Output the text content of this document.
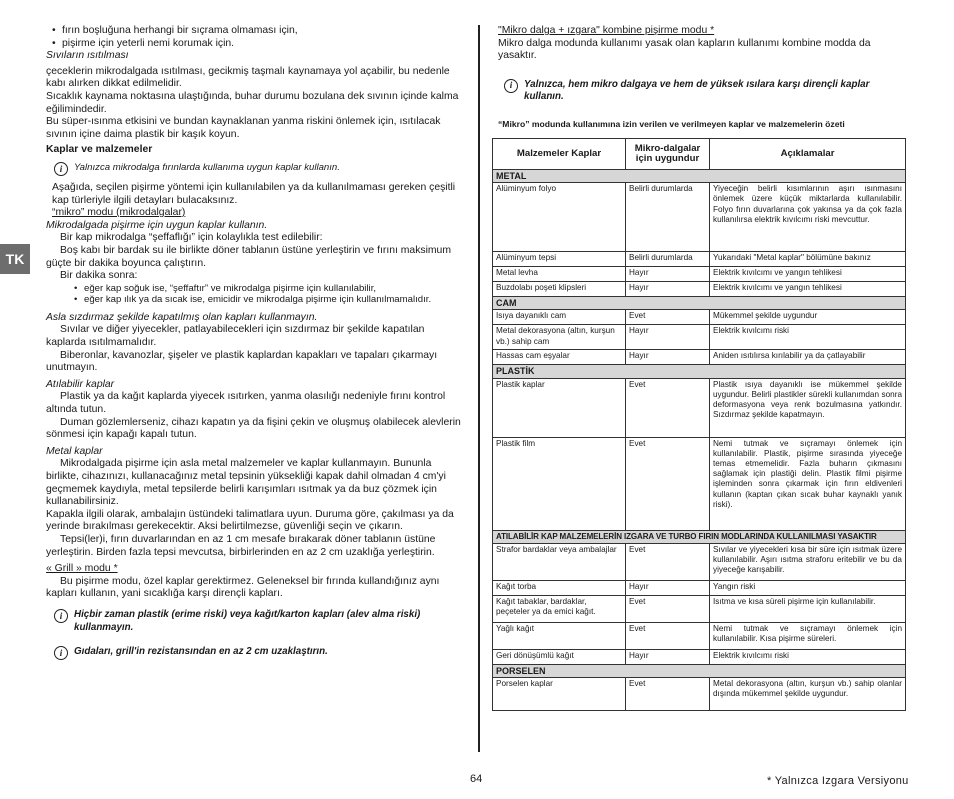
TK

• fırın boşluğuna herhangi bir sıçrama olmaması için,

• pişirme için yeterli nemi korumak için.

Sıvıların ısıtılması

çeceklerin mikrodalgada ısıtılması, gecikmiş taşmalı kaynamaya yol açabilir, bu nedenle kabı alırken dikkat edilmelidir.

Sıcaklık kaynama noktasına ulaştığında, buhar durumu bozulana dek sıvının içinde kalma eğilimindedir.

Bu süper-ısınma etkisini ve bundan kaynaklanan yanma riskini önlemek için, ısıtılacak sıvının içine daima plastik bir kaşık koyun.

Kaplar ve malzemeler

i	Yalnızca mikrodalga fırınlarda kullanıma uygun kaplar kullanın.

Aşağıda, seçilen pişirme yöntemi için kullanılabilen ya da kullanılmaması gereken çeşitli kap türleriyle ilgili detayları bulacaksınız.

“mikro” modu (mikrodalgalar)

Mikrodalgada pişirme için uygun kaplar kullanın.

Bir kap mikrodalga “şeffaflığı” için kolaylıkla test edilebilir:

Boş kabı bir bardak su ile birlikte döner tablanın üstüne yerleştirin ve fırını maksimum güçte bir dakika boyunca çalıştırın.

Bir dakika sonra:

• eğer kap soğuk ise, “şeffaftır” ve mikrodalga pişirme için kullanılabilir,

• eğer kap ılık ya da sıcak ise, emicidir ve mikrodalga pişirme için kullanılmamalıdır.

Asla sızdırmaz şekilde kapatılmış olan kapları kullanmayın.

Sıvılar ve diğer yiyecekler, patlayabilecekleri için sızdırmaz bir şekilde kapatılan kaplarda ısıtılmamalıdır.

Biberonlar, kavanozlar, şişeler ve plastik kaplardan kapakları ve tapaları çıkarmayı unutmayın.

Atılabilir kaplar

Plastik ya da kağıt kaplarda yiyecek ısıtırken, yanma olasılığı nedeniyle fırını kontrol altında tutun.

Duman gözlemlerseniz, cihazı kapatın ya da fişini çekin ve oluşmuş olabilecek alevlerin sönmesi için kapağı kapalı tutun.

Metal kaplar

Mikrodalgada pişirme için asla metal malzemeler ve kaplar kullanmayın. Bununla birlikte, cihazınızı, kullanacağınız metal tepsinin yüksekliği kapak dahil olmadan 4 cm'yi geçmemek kaydıyla, metal tepsilerde belirli karışımları ısıtmak ya da buz çözmek için kullanabilirsiniz.

Kapakla ilgili olarak, ambalajın üstündeki talimatlara uyun. Duruma göre, çakılması ya da yerinde bırakılması gerekecektir. Aksi belirtilmezse, güvenliği seçin ve çıkarın.

Tepsi(ler)i, fırın duvarlarından en az 1 cm mesafe bırakarak döner tablanın üstüne yerleştirin. Birden fazla tepsi mevcutsa, birbirlerinden en az 2 cm uzaklığa yerleştirin.

« Grill » modu *

Bu pişirme modu, özel kaplar gerektirmez. Geleneksel bir fırında kullandığınız aynı kapları kullanın, yani sıcaklığa karşı dirençli kapları.

i	Hiçbir zaman plastik (erime riski) veya kağıt/karton kapları (alev alma riski) kullanmayın.
i	Gıdaları, grill'in rezistansından en az 2 cm uzaklaştırın.

"Mikro dalga + ızgara" kombine pişirme modu *

Mikro dalga modunda kullanımı yasak olan kapların kullanımı kombine modda da yasaktır.

i	Yalnızca, hem mikro dalgaya ve hem de yüksek ısılara karşı dirençli kaplar kullanın.

“Mikro” modunda kullanımına izin verilen ve verilmeyen kaplar ve malzemelerin özeti

Malzemeler Kaplar	Mikro-dalgalar için uygundur	Açıklamalar
METAL		
Alüminyum folyo	Belirli durumlarda	Yiyeceğin belirli kısımlarının aşırı ısınmasını önlemek üzere küçük miktarlarda kullanılabilir. Folyo fırın duvarlarına çok yakınsa ya da çok fazla kullanılırsa elektrik kıvılcımı riski mevcuttur.
Alüminyum tepsi	Belirli durumlarda	Yukarıdaki "Metal kaplar" bölümüne bakınız
Metal levha	Hayır	Elektrik kıvılcımı ve yangın tehlikesi
Buzdolabı poşeti klipsleri	Hayır	Elektrik kıvılcımı ve yangın tehlikesi
CAM		
Isıya dayanıklı cam	Evet	Mükemmel şekilde uygundur
Metal dekorasyona (altın, kurşun vb.) sahip cam	Hayır	Elektrik kıvılcımı riski
Hassas cam eşyalar	Hayır	Aniden ısıtılırsa kırılabilir ya da çatlayabilir
PLASTİK		
Plastik kaplar	Evet	Plastik ısıya dayanıklı ise mükemmel şekilde uygundur. Belirli plastikler sürekli kullanımdan sonra deformasyona veya renk bozulmasına yatkındır. Sızdırmaz şekilde kapatmayın.
Plastik film	Evet	Nemi tutmak ve sıçramayı önlemek için kullanılabilir. Plastik, pişirme sırasında yiyeceğe temas etmemelidir. Fazla buharın çıkmasını sağlamak için plastiği delin. Plastik filmi pişirme işleminden sonra çıkarmak için fırın eldivenleri kullanın (kaptan çıkan sıcak buhar kaynaklı yanık riski).
ATILABİLİR KAP MALZEMELERİN IZGARA VE TURBO FIRIN MODLARINDA KULLANILMASI YASAKTIR		
Strafor bardaklar veya ambalajlar	Evet	Sıvılar ve yiyecekleri kısa bir süre için ısıtmak üzere kullanılabilir. Aşırı ısıtma straforu eritebilir ve bu da yiyeceğe karışabilir.
Kağıt torba	Hayır	Yangın riski
Kağıt tabaklar, bardaklar, peçeteler ya da emici kağıt.	Evet	Isıtma ve kısa süreli pişirme için kullanılabilir.
Yağlı kağıt	Evet	Nemi tutmak ve sıçramayı önlemek için kullanılabilir. Kısa pişirme süreleri.
Geri dönüşümlü kağıt	Hayır	Elektrik kıvılcımı riski
PORSELEN		
Porselen kaplar	Evet	Metal dekorasyona (altın, kurşun vb.) sahip olanlar dışında mükemmel şekilde uygundur.
64	* Yalnızca Izgara Versiyonu
